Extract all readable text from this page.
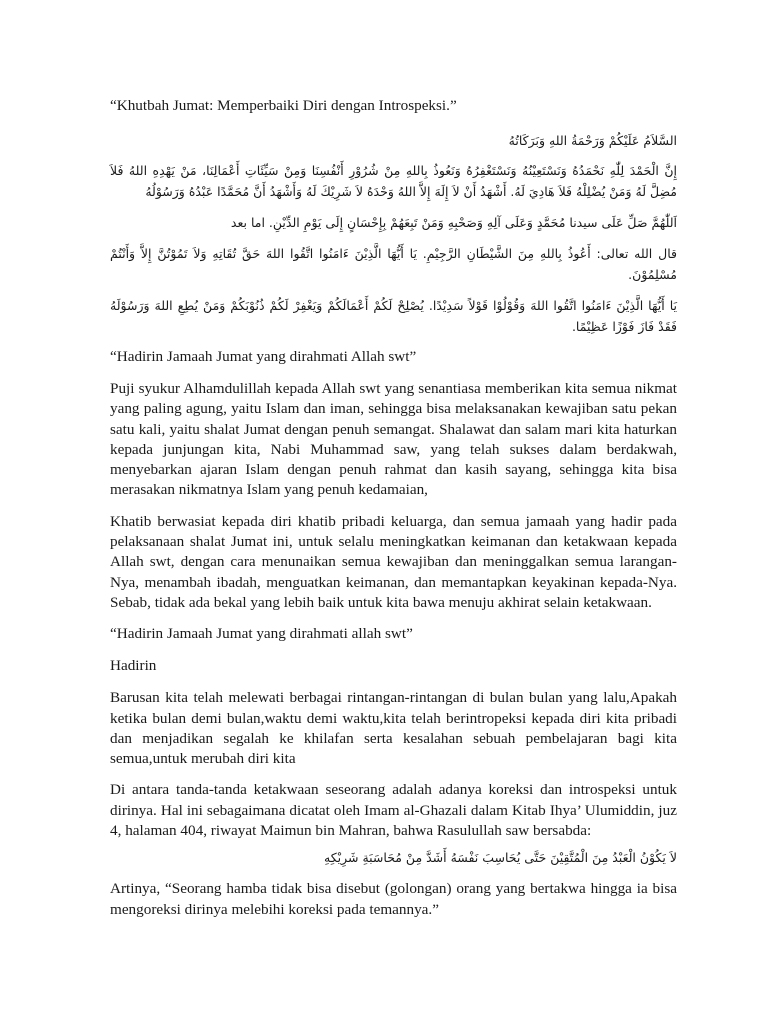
“Khutbah Jumat: Memperbaiki Diri dengan Introspeksi.”

السَّلاَمُ عَلَيْكُمْ وَرَحْمَةُ اللهِ وَبَرَكَاتُهُ

إِنَّ الْحَمْدَ لِلّٰهِ نَحْمَدُهُ وَنَسْتَعِيْنُهُ وَنَسْتَغْفِرُهُ وَنَعُوذُ بِاللهِ مِنْ شُرُوْرِ أَنْفُسِنَا وَمِنْ سَيِّئَاتِ أَعْمَالِنَا، مَنْ يَهْدِهِ اللهُ فَلاَ مُضِلَّ لَهُ وَمَنْ يُضْلِلْهُ فَلاَ هَادِيَ لَهُ. أَشْهَدُ أَنْ لاَ إِلَهَ إِلاَّ اللهُ وَحْدَهُ لاَ شَرِيْكَ لَهُ وَأَشْهَدُ أَنَّ مُحَمَّدًا عَبْدُهُ وَرَسُوْلُهُ

اَللّٰهُمَّ صَلِّ عَلَى سيدنا مُحَمَّدٍ وَعَلَى آلِهِ وَصَحْبِهِ وَمَنْ تَبِعَهُمْ بِإِحْسَانٍ إِلَى يَوْمِ الدِّيْنِ. اما بعد

قال الله تعالى: أَعُوذُ بِاللهِ مِنَ الشَّيْطَانِ الرَّجِيْمِ. يَا أَيُّهَا الَّذِيْنَ ءَامَنُوا اتَّقُوا اللهَ حَقَّ تُقَاتِهِ وَلاَ تَمُوْتُنَّ إِلاَّ وَأَنْتُمْ مُسْلِمُوْنَ.

يَا أَيُّهَا الَّذِيْنَ ءَامَنُوا اتَّقُوا اللهَ وَقُوْلُوْا قَوْلاً سَدِيْدًا. يُصْلِحْ لَكُمْ أَعْمَالَكُمْ وَيَغْفِرْ لَكُمْ ذُنُوْبَكُمْ وَمَنْ يُطِعِ اللهَ وَرَسُوْلَهُ فَقَدْ فَازَ فَوْزًا عَظِيْمًا.

“Hadirin Jamaah Jumat yang dirahmati Allah swt”

Puji syukur Alhamdulillah kepada Allah swt yang senantiasa memberikan kita semua nikmat yang paling agung, yaitu Islam dan iman, sehingga bisa melaksanakan kewajiban satu pekan satu kali, yaitu shalat Jumat dengan penuh semangat. Shalawat dan salam mari kita haturkan kepada junjungan kita, Nabi Muhammad saw, yang telah sukses dalam berdakwah, menyebarkan ajaran Islam dengan penuh rahmat dan kasih sayang, sehingga kita bisa merasakan nikmatnya Islam yang penuh kedamaian,

Khatib berwasiat kepada diri khatib pribadi keluarga, dan semua jamaah yang hadir pada pelaksanaan shalat Jumat ini, untuk selalu meningkatkan keimanan dan ketakwaan kepada Allah swt, dengan cara menunaikan semua kewajiban dan meninggalkan semua larangan-Nya, menambah ibadah, menguatkan keimanan, dan memantapkan keyakinan kepada-Nya. Sebab, tidak ada bekal yang lebih baik untuk kita bawa menuju akhirat selain ketakwaan.

“Hadirin Jamaah Jumat yang dirahmati allah swt”

Hadirin

Barusan kita telah melewati berbagai rintangan-rintangan di bulan bulan yang lalu,Apakah ketika bulan demi bulan,waktu demi waktu,kita telah berintropeksi kepada diri kita pribadi dan menjadikan segalah ke khilafan serta kesalahan sebuah pembelajaran bagi kita semua,untuk merubah diri kita

Di antara tanda-tanda ketakwaan seseorang adalah adanya koreksi dan introspeksi untuk dirinya. Hal ini sebagaimana dicatat oleh Imam al-Ghazali dalam Kitab Ihya’ Ulumiddin, juz 4, halaman 404, riwayat Maimun bin Mahran, bahwa Rasulullah saw bersabda:

لاَ يَكُوْنُ الْعَبْدُ مِنَ الْمُتَّقِيْنَ حَتَّى يُحَاسِبَ نَفْسَهُ أَشَدَّ مِنْ مُحَاسَبَةِ شَرِيْكِهِ

Artinya, “Seorang hamba tidak bisa disebut (golongan) orang yang bertakwa hingga ia bisa mengoreksi dirinya melebihi koreksi pada temannya.”
